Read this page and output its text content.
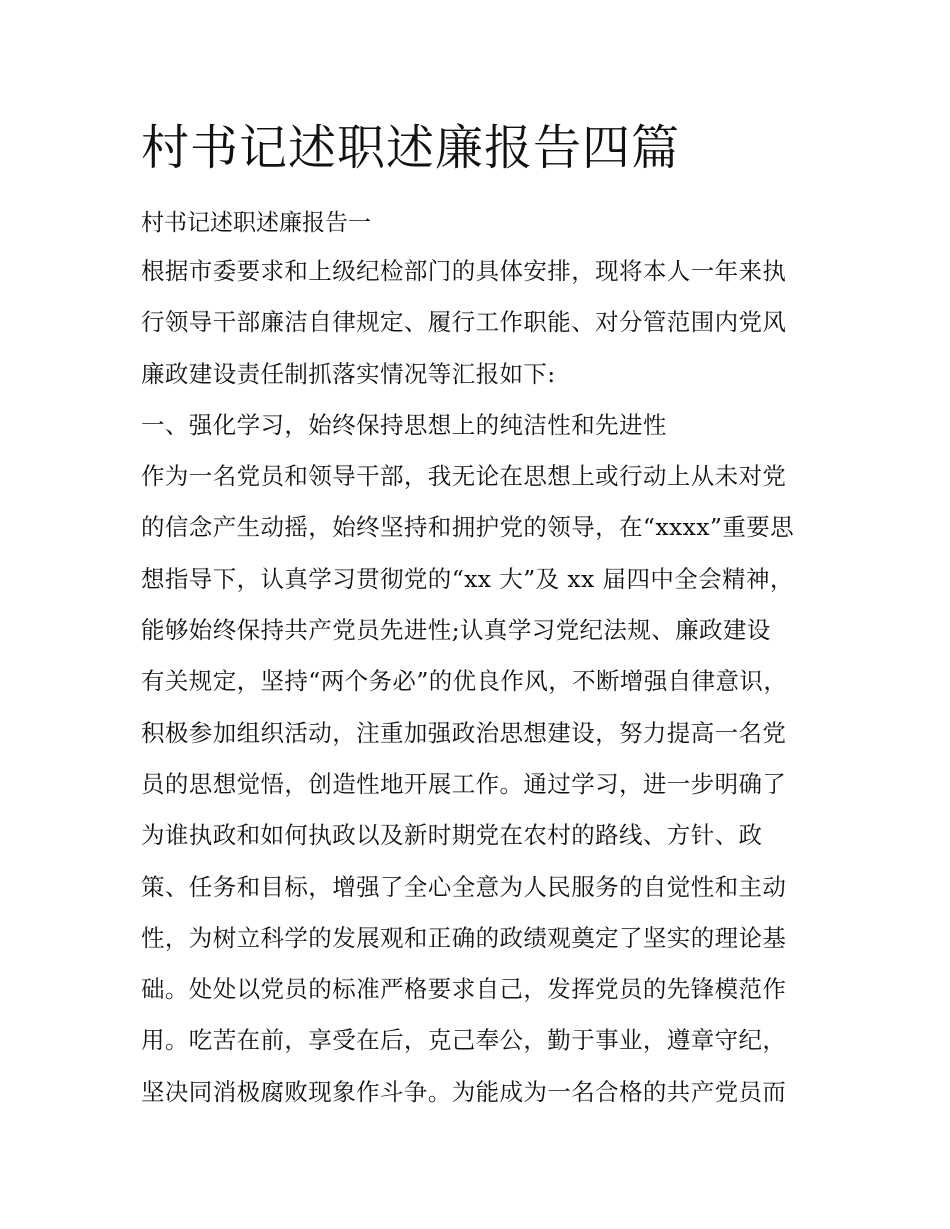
村书记述职述廉报告四篇

村书记述职述廉报告一

根据市委要求和上级纪检部门的具体安排，现将本人一年来执
行领导干部廉洁自律规定、履行工作职能、对分管范围内党风
廉政建设责任制抓落实情况等汇报如下:
一、强化学习，始终保持思想上的纯洁性和先进性
作为一名党员和领导干部，我无论在思想上或行动上从未对党
的信念产生动摇，始终坚持和拥护党的领导，在“xxxx”重要思
想指导下，认真学习贯彻党的“xx 大”及 xx 届四中全会精神，
能够始终保持共产党员先进性;认真学习党纪法规、廉政建设
有关规定，坚持“两个务必”的优良作风，不断增强自律意识，
积极参加组织活动，注重加强政治思想建设，努力提高一名党
员的思想觉悟，创造性地开展工作。通过学习，进一步明确了
为谁执政和如何执政以及新时期党在农村的路线、方针、政
策、任务和目标，增强了全心全意为人民服务的自觉性和主动
性，为树立科学的发展观和正确的政绩观奠定了坚实的理论基
础。处处以党员的标准严格要求自己，发挥党员的先锋模范作
用。吃苦在前，享受在后，克己奉公，勤于事业，遵章守纪，
坚决同消极腐败现象作斗争。为能成为一名合格的共产党员而
